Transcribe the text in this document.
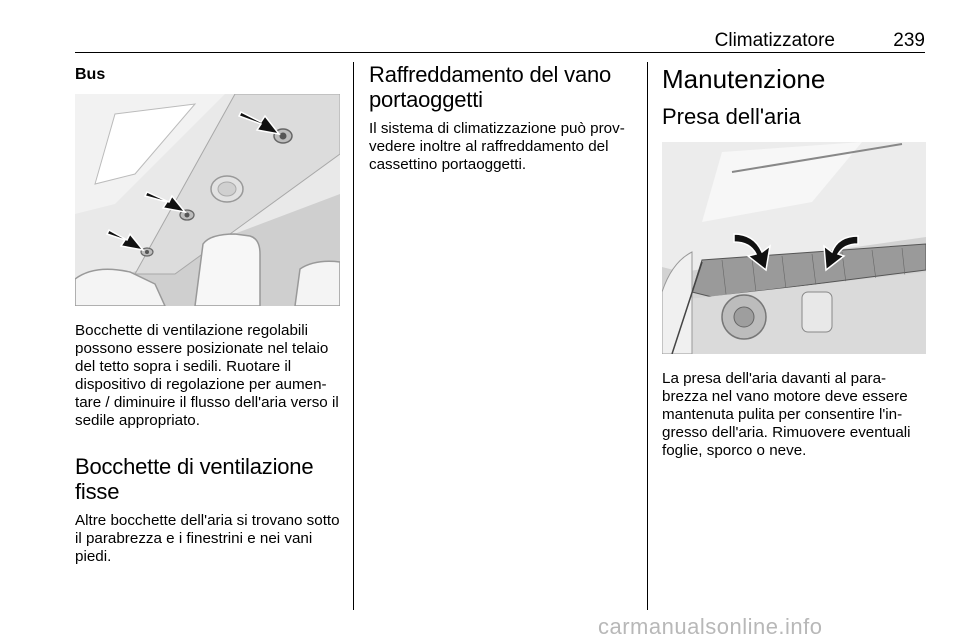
Climatizzatore	239
Bus

Bocchette di ventilazione regolabili possono essere posizionate nel telaio del tetto sopra i sedili. Ruotare il dispositivo di regolazione per aumen-tare / diminuire il flusso dell'aria verso il sedile appropriato.

Bocchette di ventilazione fisse

Altre bocchette dell'aria si trovano sotto il parabrezza e i finestrini e nei vani piedi.

Raffreddamento del vano portaoggetti

Il sistema di climatizzazione può prov-vedere inoltre al raffreddamento del cassettino portaoggetti.

Manutenzione
Presa dell'aria

La presa dell'aria davanti al para-brezza nel vano motore deve essere mantenuta pulita per consentire l'in-gresso dell'aria. Rimuovere eventuali foglie, sporco o neve.

carmanualsonline.info
